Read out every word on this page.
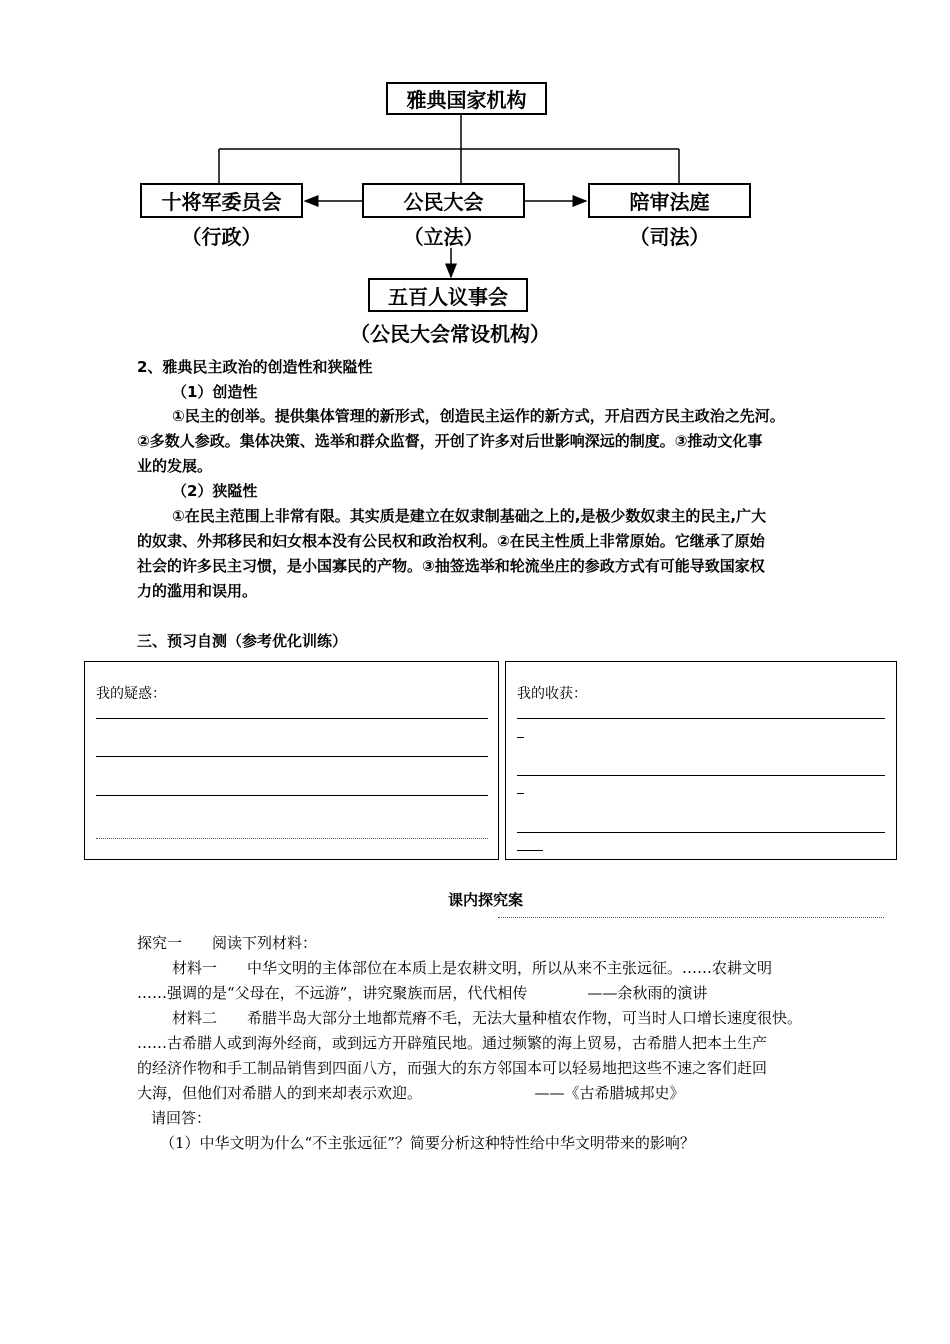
雅典国家机构
十将军委员会	公民大会	陪审法庭
五百人议事会
（行政）	（立法）	（司法）
（公民大会常设机构）
2、雅典民主政治的创造性和狭隘性
（1）创造性
①民主的创举。提供集体管理的新形式，创造民主运作的新方式，开启西方民主政治之先河。
②多数人参政。集体决策、选举和群众监督，开创了许多对后世影响深远的制度。③推动文化事
业的发展。
（2）狭隘性
①在民主范围上非常有限。其实质是建立在奴隶制基础之上的,是极少数奴隶主的民主,广大
的奴隶、外邦移民和妇女根本没有公民权和政治权利。②在民主性质上非常原始。它继承了原始
社会的许多民主习惯，是小国寡民的产物。③抽签选举和轮流坐庄的参政方式有可能导致国家权
力的滥用和误用。
三、预习自测（参考优化训练）
我的疑惑：	我的收获：
课内探究案
探究一　　阅读下列材料：
材料一　　中华文明的主体部位在本质上是农耕文明，所以从来不主张远征。……农耕文明
……强调的是“父母在，不远游”，讲究聚族而居，代代相传　　　　——余秋雨的演讲
材料二　　希腊半岛大部分土地都荒瘠不毛，无法大量种植农作物，可当时人口增长速度很快。
……古希腊人或到海外经商，或到远方开辟殖民地。通过频繁的海上贸易，古希腊人把本土生产
的经济作物和手工制品销售到四面八方，而强大的东方邻国本可以轻易地把这些不速之客们赶回
大海，但他们对希腊人的到来却表示欢迎。　　　　　　　　——《古希腊城邦史》
请回答：
（1）中华文明为什么“不主张远征”？简要分析这种特性给中华文明带来的影响？
